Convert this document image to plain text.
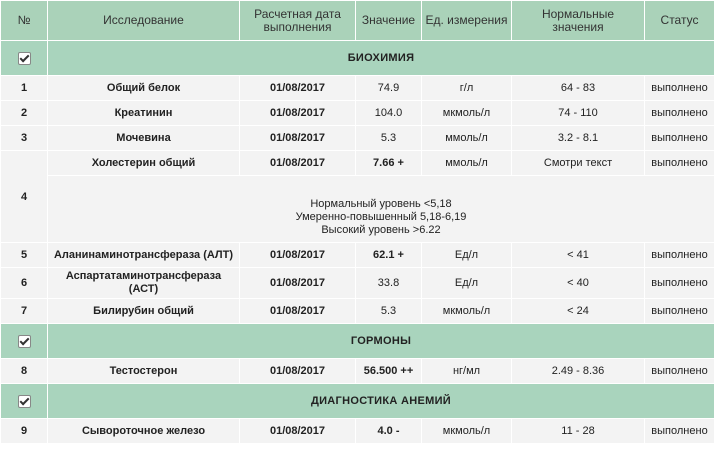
№	Исследование	Расчетная дата выполнения	Значение	Ед. измерения	Нормальные значения	Статус
	БИОХИМИЯ					
1	Общий белок	01/08/2017	74.9	г/л	64 - 83	выполнено
2	Креатинин	01/08/2017	104.0	мкмоль/л	74 - 110	выполнено
3	Мочевина	01/08/2017	5.3	ммоль/л	3.2 - 8.1	выполнено
4	Холестерин общий	01/08/2017	7.66 +	ммоль/л	Смотри текст	выполнено

	Нормальный уровень <5,18
Умеренно-повышенный 5,18-6,19
Высокий уровень >6.22					

5	Аланинаминотрансфераза (АЛТ)	01/08/2017	62.1 +	Ед/л	< 41	выполнено
6	Аспартатаминотрансфераза (АСТ)	01/08/2017	33.8	Ед/л	< 40	выполнено
7	Билирубин общий	01/08/2017	5.3	мкмоль/л	< 24	выполнено
	ГОРМОНЫ					
8	Тестостерон	01/08/2017	56.500 ++	нг/мл	2.49 - 8.36	выполнено
	ДИАГНОСТИКА АНЕМИЙ					
9	Сывороточное железо	01/08/2017	4.0 -	мкмоль/л	11 - 28	выполнено
